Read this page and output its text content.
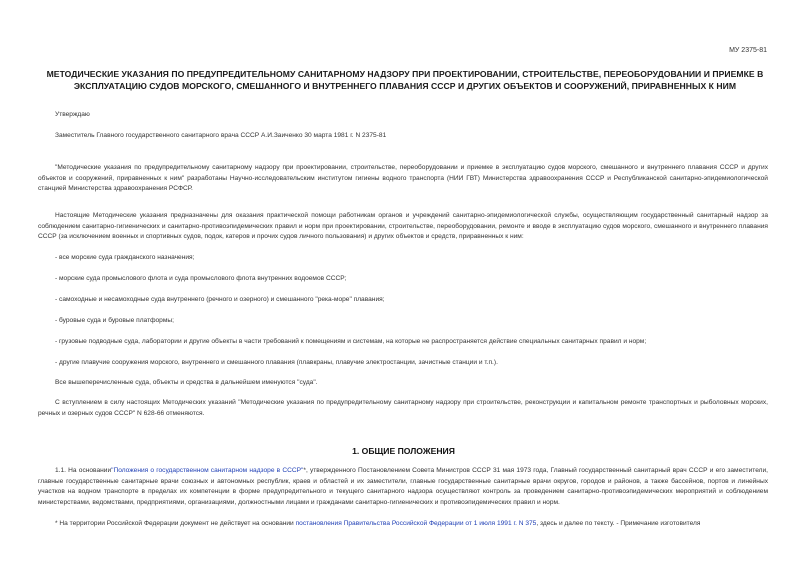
МУ 2375-81
МЕТОДИЧЕСКИЕ УКАЗАНИЯ ПО ПРЕДУПРЕДИТЕЛЬНОМУ САНИТАРНОМУ НАДЗОРУ ПРИ ПРОЕКТИРОВАНИИ, СТРОИТЕЛЬСТВЕ, ПЕРЕОБОРУДОВАНИИ И ПРИЕМКЕ В ЭКСПЛУАТАЦИЮ СУДОВ МОРСКОГО, СМЕШАННОГО И ВНУТРЕННЕГО ПЛАВАНИЯ СССР И ДРУГИХ ОБЪЕКТОВ И СООРУЖЕНИЙ, ПРИРАВНЕННЫХ К НИМ
Утверждаю
Заместитель Главного государственного санитарного врача СССР А.И.Заиченко 30 марта 1981 г. N 2375-81
"Методические указания по предупредительному санитарному надзору при проектировании, строительстве, переоборудовании и приемке в эксплуатацию судов морского, смешанного и внутреннего плавания СССР и других объектов и сооружений, приравненных к ним" разработаны Научно-исследовательским институтом гигиены водного транспорта (НИИ ГВТ) Министерства здравоохранения СССР и Республиканской санитарно-эпидемиологической станцией Министерства здравоохранения РСФСР.
Настоящие Методические указания предназначены для оказания практической помощи работникам органов и учреждений санитарно-эпидемиологической службы, осуществляющим государственный санитарный надзор за соблюдением санитарно-гигиенических и санитарно-противоэпидемических правил и норм при проектировании, строительстве, переоборудовании, ремонте и вводе в эксплуатацию судов морского, смешанного и внутреннего плавания СССР (за исключением военных и спортивных судов, подок, катеров и прочих судов личного пользования) и других объектов и средств, приравненных к ним:
- все морские суда гражданского назначения;
- морские суда промыслового флота и суда промыслового флота внутренних водоемов СССР;
- самоходные и несамоходные суда внутреннего (речного и озерного) и смешанного "река-море" плавания;
- буровые суда и буровые платформы;
- грузовые подводные суда, лаборатории и другие объекты в части требований к помещениям и системам, на которые не распространяется действие специальных санитарных правил и норм;
- другие плавучие сооружения морского, внутреннего и смешанного плавания (плавкраны, плавучие электростанции, зачистные станции и т.п.).
Все вышеперечисленные суда, объекты и средства в дальнейшем именуются "суда".
С вступлением в силу настоящих Методических указаний "Методические указания по предупредительному санитарному надзору при строительстве, реконструкции и капитальном ремонте транспортных и рыболовных морских, речных и озерных судов СССР" N 628-66 отменяются.
1. ОБЩИЕ ПОЛОЖЕНИЯ
1.1. На основании"Положения о государственном санитарном надзоре в СССР"*, утвержденного Постановлением Совета Министров СССР 31 мая 1973 года, Главный государственный санитарный врач СССР и его заместители, главные государственные санитарные врачи союзных и автономных республик, краев и областей и их заместители, главные государственные санитарные врачи округов, городов и районов, а также бассейнов, портов и линейных участков на водном транспорте в пределах их компетенции в форме предупредительного и текущего санитарного надзора осуществляют контроль за проведением санитарно-противоэпидемических мероприятий и соблюдением министерствами, ведомствами, предприятиями, организациями, должностными лицами и гражданами санитарно-гигиенических и противоэпидемических правил и норм.
* На территории Российской Федерации документ не действует на основании постановления Правительства Российской Федерации от 1 июля 1991 г. N 375, здесь и далее по тексту. - Примечание изготовителя
